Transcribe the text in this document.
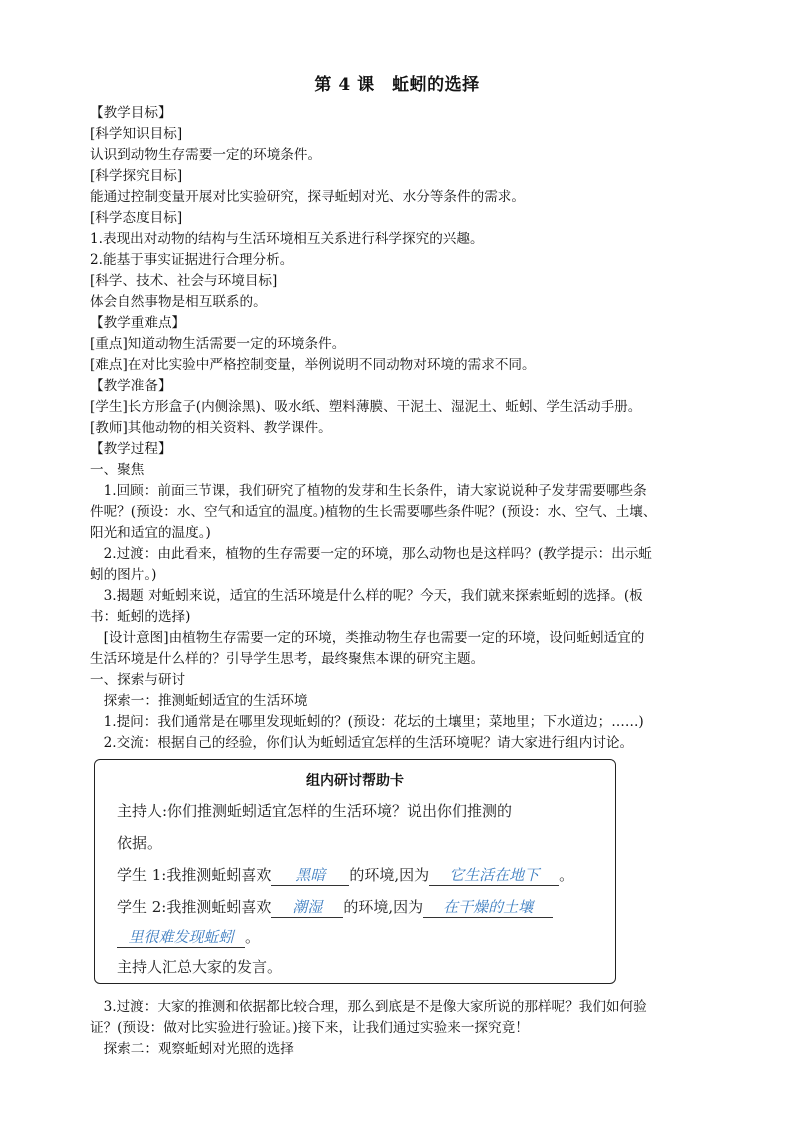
第 4 课　蚯蚓的选择
【教学目标】
[科学知识目标]
认识到动物生存需要一定的环境条件。
[科学探究目标]
能通过控制变量开展对比实验研究，探寻蚯蚓对光、水分等条件的需求。
[科学态度目标]
1.表现出对动物的结构与生活环境相互关系进行科学探究的兴趣。
2.能基于事实证据进行合理分析。
[科学、技术、社会与环境目标]
体会自然事物是相互联系的。
【教学重难点】
[重点]知道动物生活需要一定的环境条件。
[难点]在对比实验中严格控制变量，举例说明不同动物对环境的需求不同。
【教学准备】
[学生]长方形盒子(内侧涂黑)、吸水纸、塑料薄膜、干泥土、湿泥土、蚯蚓、学生活动手册。
[教师]其他动物的相关资料、教学课件。
【教学过程】
一、聚焦
　1.回顾：前面三节课，我们研究了植物的发芽和生长条件，请大家说说种子发芽需要哪些条
件呢？(预设：水、空气和适宜的温度。)植物的生长需要哪些条件呢？(预设：水、空气、土壤、
阳光和适宜的温度。)
　2.过渡：由此看来，植物的生存需要一定的环境，那么动物也是这样吗？(教学提示：出示蚯
蚓的图片。)
　3.揭题 对蚯蚓来说，适宜的生活环境是什么样的呢？今天，我们就来探索蚯蚓的选择。(板
书：蚯蚓的选择)
　[设计意图]由植物生存需要一定的环境，类推动物生存也需要一定的环境，设问蚯蚓适宜的
生活环境是什么样的？引导学生思考，最终聚焦本课的研究主题。
一、探索与研讨
　探索一：推测蚯蚓适宜的生活环境
　1.提问：我们通常是在哪里发现蚯蚓的？(预设：花坛的土壤里；菜地里；下水道边；……)
　2.交流：根据自己的经验，你们认为蚯蚓适宜怎样的生活环境呢？请大家进行组内讨论。
组内研讨帮助卡
主持人:你们推测蚯蚓适宜怎样的生活环境？说出你们推测的
依据。
学生 1:我推测蚯蚓喜欢 黑暗 的环境,因为 它生活在地下 。
学生 2:我推测蚯蚓喜欢 潮湿 的环境,因为 在干燥的土壤
里很难发现蚯蚓 。
主持人汇总大家的发言。
　3.过渡：大家的推测和依据都比较合理，那么到底是不是像大家所说的那样呢？我们如何验
证？(预设：做对比实验进行验证。)接下来，让我们通过实验来一探究竟！
　探索二：观察蚯蚓对光照的选择
